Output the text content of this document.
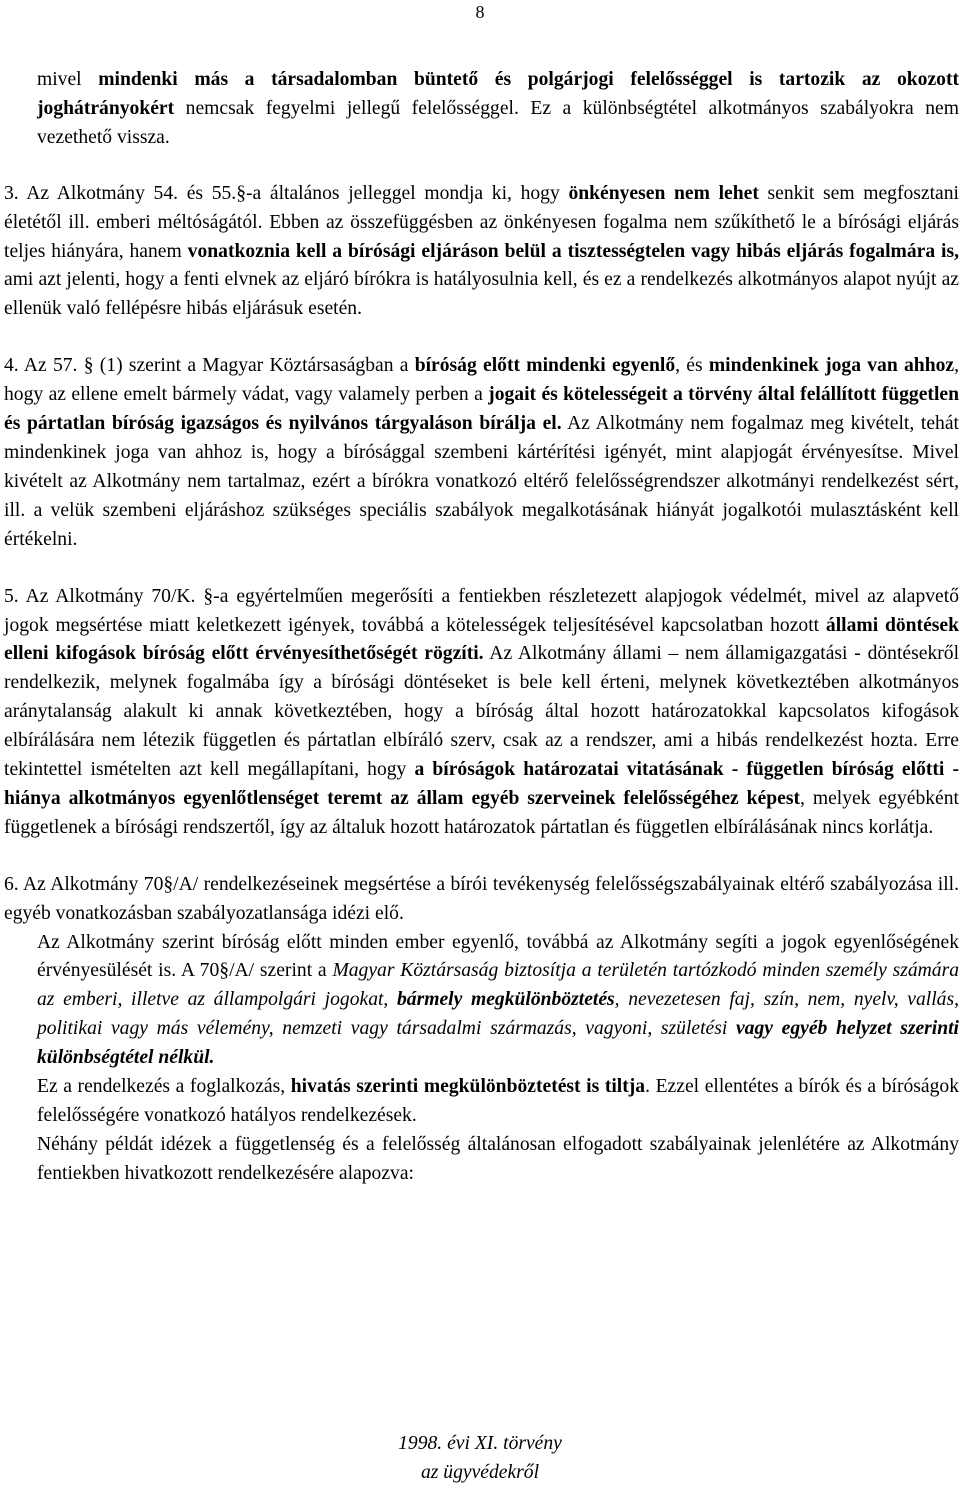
8

mivel mindenki más a társadalomban büntető és polgárjogi felelősséggel is tartozik az okozott joghátrányokért nemcsak fegyelmi jellegű felelősséggel. Ez a különbségtétel alkotmányos szabályokra nem vezethető vissza.

3. Az Alkotmány 54. és 55.§-a általános jelleggel mondja ki, hogy önkényesen nem lehet senkit sem megfosztani életétől ill. emberi méltóságától. Ebben az összefüggésben az önkényesen fogalma nem szűkíthető le a bírósági eljárás teljes hiányára, hanem vonatkoznia kell a bírósági eljáráson belül a tisztességtelen vagy hibás eljárás fogalmára is, ami azt jelenti, hogy a fenti elvnek az eljáró bírókra is hatályosulnia kell, és ez a rendelkezés alkotmányos alapot nyújt az ellenük való fellépésre hibás eljárásuk esetén.

4. Az 57. § (1) szerint a Magyar Köztársaságban a bíróság előtt mindenki egyenlő, és mindenkinek joga van ahhoz, hogy az ellene emelt bármely vádat, vagy valamely perben a jogait és kötelességeit a törvény által felállított független és pártatlan bíróság igazságos és nyilvános tárgyaláson bírálja el. Az Alkotmány nem fogalmaz meg kivételt, tehát mindenkinek joga van ahhoz is, hogy a bírósággal szembeni kártérítési igényét, mint alapjogát érvényesítse. Mivel kivételt az Alkotmány nem tartalmaz, ezért a bírókra vonatkozó eltérő felelősségrendszer alkotmányi rendelkezést sért, ill. a velük szembeni eljáráshoz szükséges speciális szabályok megalkotásának hiányát jogalkotói mulasztásként kell értékelni.

5. Az Alkotmány 70/K. §-a egyértelműen megerősíti a fentiekben részletezett alapjogok védelmét, mivel az alapvető jogok megsértése miatt keletkezett igények, továbbá a kötelességek teljesítésével kapcsolatban hozott állami döntések elleni kifogások bíróság előtt érvényesíthetőségét rögzíti. Az Alkotmány állami – nem államigazgatási - döntésekről rendelkezik, melynek fogalmába így a bírósági döntéseket is bele kell érteni, melynek következtében alkotmányos aránytalanság alakult ki annak következtében, hogy a bíróság által hozott határozatokkal kapcsolatos kifogások elbírálására nem létezik független és pártatlan elbíráló szerv, csak az a rendszer, ami a hibás rendelkezést hozta. Erre tekintettel ismételten azt kell megállapítani, hogy a bíróságok határozatai vitatásának - független bíróság előtti - hiánya alkotmányos egyenlőtlenséget teremt az állam egyéb szerveinek felelősségéhez képest, melyek egyébként függetlenek a bírósági rendszertől, így az általuk hozott határozatok pártatlan és független elbírálásának nincs korlátja.

6. Az Alkotmány 70§/A/ rendelkezéseinek megsértése a bírói tevékenység felelősségszabályainak eltérő szabályozása ill. egyéb vonatkozásban szabályozatlansága idézi elő.

Az Alkotmány szerint bíróság előtt minden ember egyenlő, továbbá az Alkotmány segíti a jogok egyenlőségének érvényesülését is. A 70§/A/ szerint a Magyar Köztársaság biztosítja a területén tartózkodó minden személy számára az emberi, illetve az állampolgári jogokat, bármely megkülönböztetés, nevezetesen faj, szín, nem, nyelv, vallás, politikai vagy más vélemény, nemzeti vagy társadalmi származás, vagyoni, születési vagy egyéb helyzet szerinti különbségtétel nélkül.

Ez a rendelkezés a foglalkozás, hivatás szerinti megkülönböztetést is tiltja. Ezzel ellentétes a bírók és a bíróságok felelősségére vonatkozó hatályos rendelkezések.

Néhány példát idézek a függetlenség és a felelősség általánosan elfogadott szabályainak jelenlétére az Alkotmány fentiekben hivatkozott rendelkezésére alapozva:

1998. évi XI. törvény
az ügyvédekről
